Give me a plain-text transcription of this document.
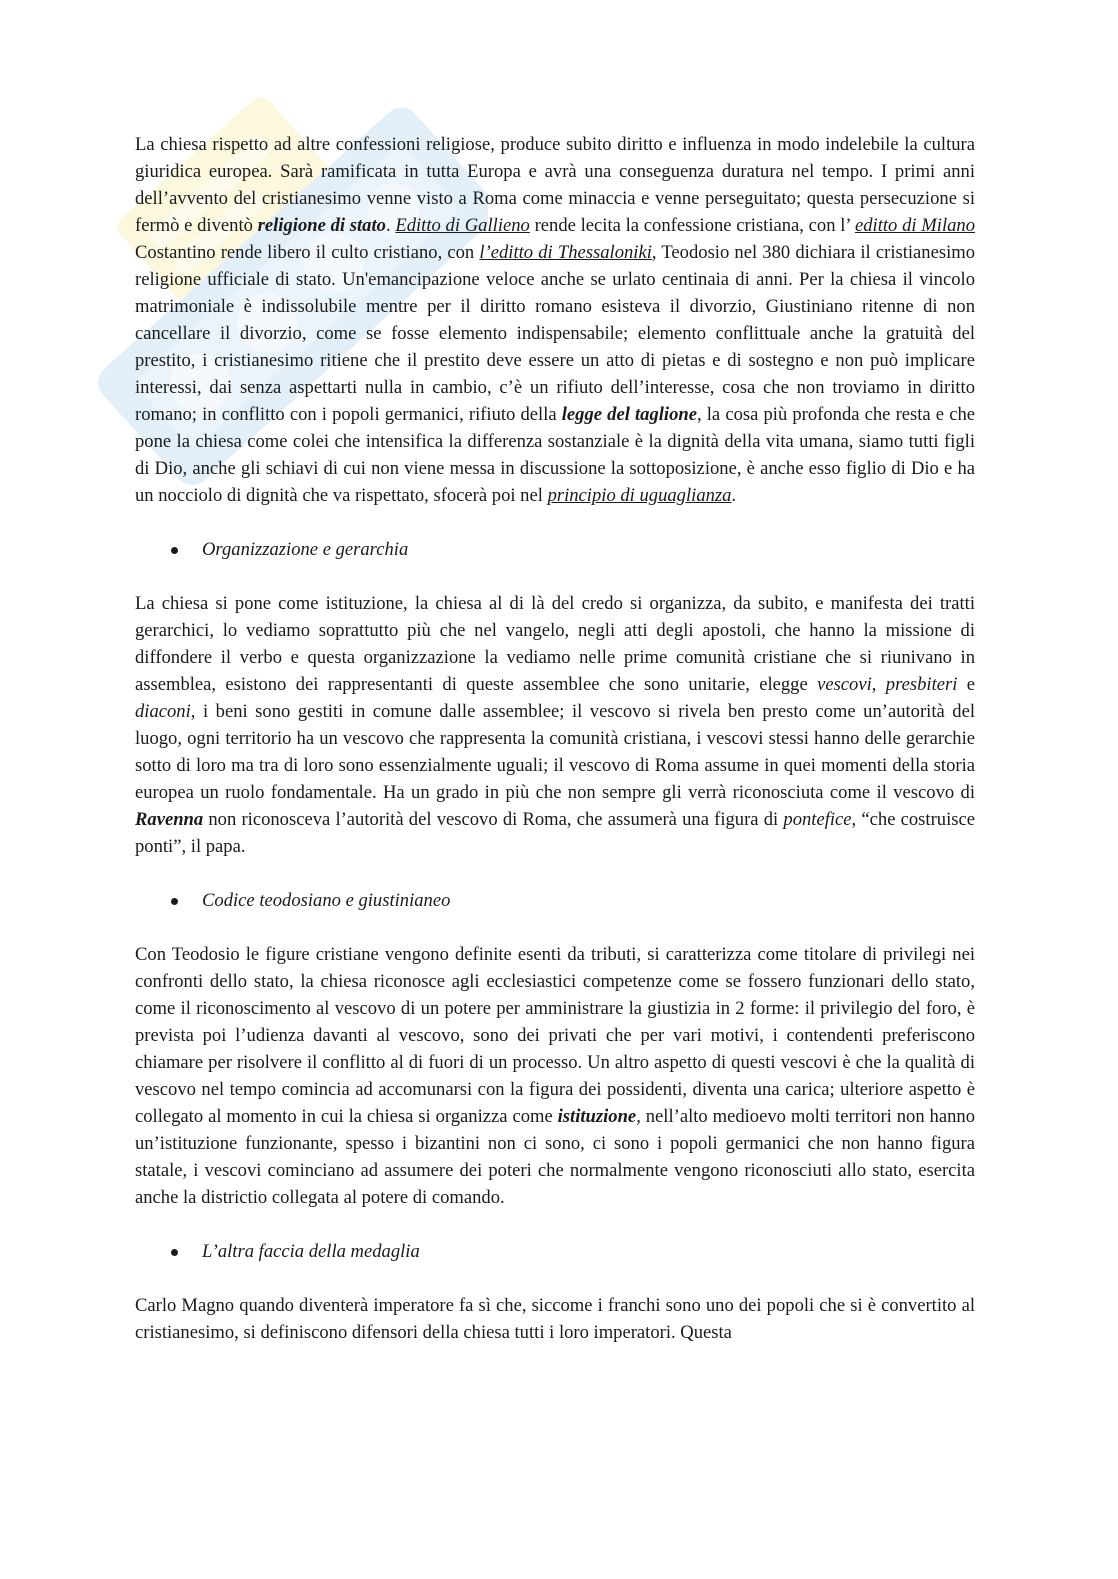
La chiesa rispetto ad altre confessioni religiose, produce subito diritto e influenza in modo indelebile la cultura giuridica europea. Sarà ramificata in tutta Europa e avrà una conseguenza duratura nel tempo. I primi anni dell’avvento del cristianesimo venne visto a Roma come minaccia e venne perseguitato; questa persecuzione si fermò e diventò religione di stato. Editto di Gallieno rende lecita la confessione cristiana, con l’ editto di Milano Costantino rende libero il culto cristiano, con l’editto di Thessaloniki, Teodosio nel 380 dichiara il cristianesimo religione ufficiale di stato. Un'emancipazione veloce anche se urlato centinaia di anni. Per la chiesa il vincolo matrimoniale è indissolubile mentre per il diritto romano esisteva il divorzio, Giustiniano ritenne di non cancellare il divorzio, come se fosse elemento indispensabile; elemento conflittuale anche la gratuità del prestito, i cristianesimo ritiene che il prestito deve essere un atto di pietas e di sostegno e non può implicare interessi, dai senza aspettarti nulla in cambio, c’è un rifiuto dell’interesse, cosa che non troviamo in diritto romano; in conflitto con i popoli germanici, rifiuto della legge del taglione, la cosa più profonda che resta e che pone la chiesa come colei che intensifica la differenza sostanziale è la dignità della vita umana, siamo tutti figli di Dio, anche gli schiavi di cui non viene messa in discussione la sottoposizione, è anche esso figlio di Dio e ha un nocciolo di dignità che va rispettato, sfocerà poi nel principio di uguaglianza.

Organizzazione e gerarchia

La chiesa si pone come istituzione, la chiesa al di là del credo si organizza, da subito, e manifesta dei tratti gerarchici, lo vediamo soprattutto più che nel vangelo, negli atti degli apostoli, che hanno la missione di diffondere il verbo e questa organizzazione la vediamo nelle prime comunità cristiane che si riunivano in assemblea, esistono dei rappresentanti di queste assemblee che sono unitarie, elegge vescovi, presbiteri e diaconi, i beni sono gestiti in comune dalle assemblee; il vescovo si rivela ben presto come un’autorità del luogo, ogni territorio ha un vescovo che rappresenta la comunità cristiana, i vescovi stessi hanno delle gerarchie sotto di loro ma tra di loro sono essenzialmente uguali; il vescovo di Roma assume in quei momenti della storia europea un ruolo fondamentale. Ha un grado in più che non sempre gli verrà riconosciuta come il vescovo di Ravenna non riconosceva l’autorità del vescovo di Roma, che assumerà una figura di pontefice, “che costruisce ponti”, il papa.

Codice teodosiano e giustinianeo

Con Teodosio le figure cristiane vengono definite esenti da tributi, si caratterizza come titolare di privilegi nei confronti dello stato, la chiesa riconosce agli ecclesiastici competenze come se fossero funzionari dello stato, come il riconoscimento al vescovo di un potere per amministrare la giustizia in 2 forme: il privilegio del foro, è prevista poi l’udienza davanti al vescovo, sono dei privati che per vari motivi, i contendenti preferiscono chiamare per risolvere il conflitto al di fuori di un processo. Un altro aspetto di questi vescovi è che la qualità di vescovo nel tempo comincia ad accomunarsi con la figura dei possidenti, diventa una carica; ulteriore aspetto è collegato al momento in cui la chiesa si organizza come istituzione, nell’alto medioevo molti territori non hanno un’istituzione funzionante, spesso i bizantini non ci sono, ci sono i popoli germanici che non hanno figura statale, i vescovi cominciano ad assumere dei poteri che normalmente vengono riconosciuti allo stato, esercita anche la districtio collegata al potere di comando.

L’altra faccia della medaglia

Carlo Magno quando diventerà imperatore fa sì che, siccome i franchi sono uno dei popoli che si è convertito al cristianesimo, si definiscono difensori della chiesa tutti i loro imperatori. Questa
